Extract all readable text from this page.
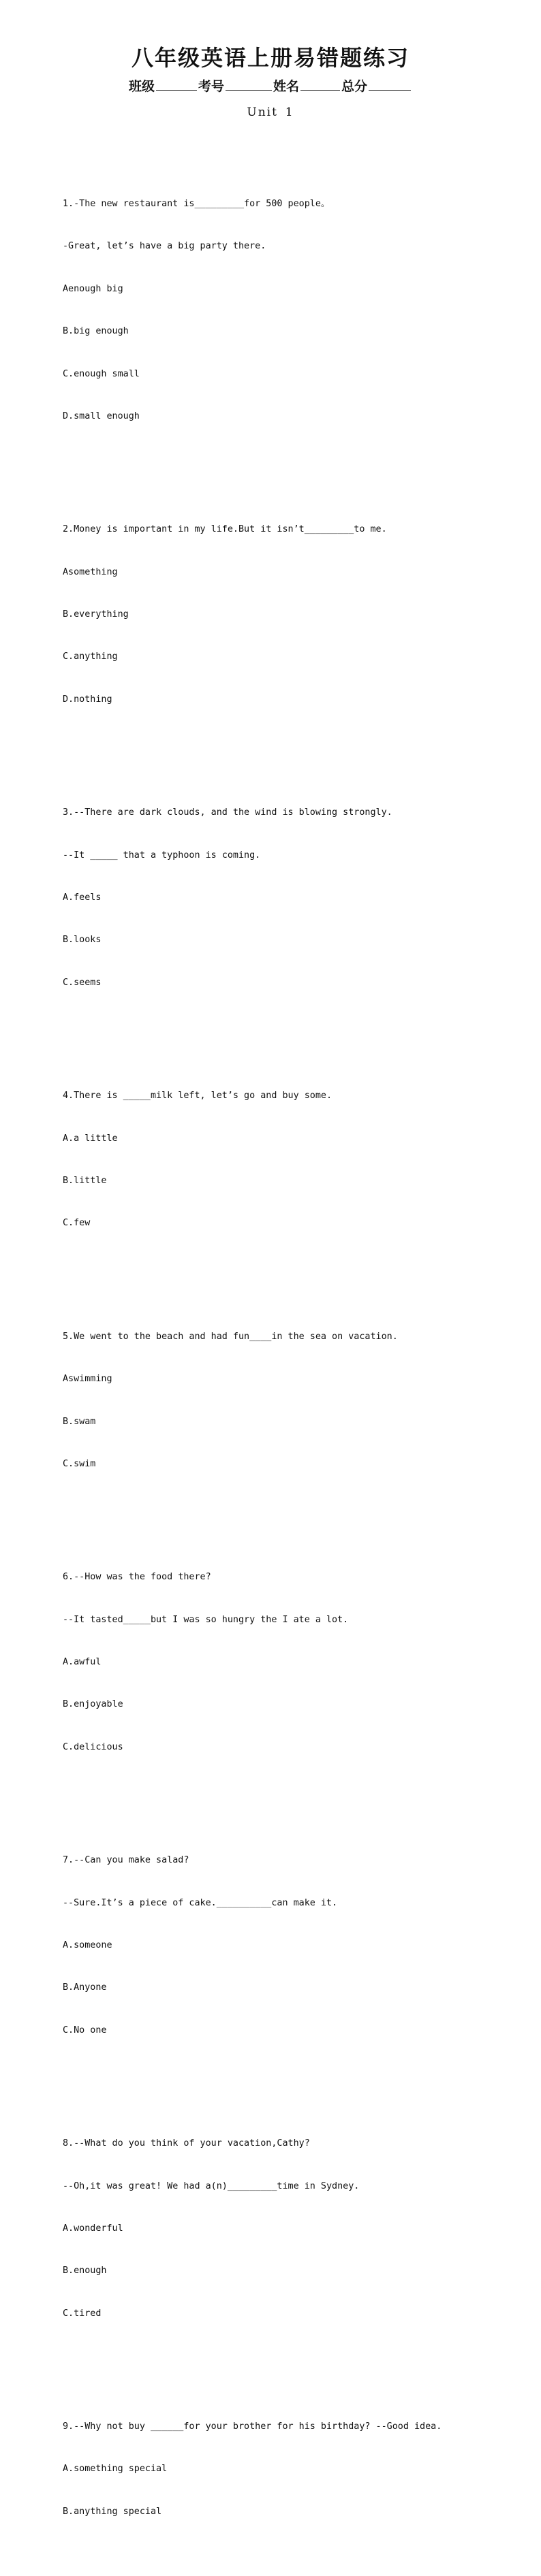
八年级英语上册易错题练习
班级	考号	姓名	总分
Unit 1

1.-The new restaurant is_________for 500 people。

-Great, let’s have a big party there.

Aenough big

B.big enough

C.enough small

D.small enough

2.Money is important in my life.But it isn’t_________to me.

Asomething

B.everything

C.anything

D.nothing

3.--There are dark clouds, and the wind is blowing strongly.

--It _____ that a typhoon is coming.

A.feels

B.looks

C.seems

4.There is _____milk left, let’s go and buy some.

A.a little

B.little

C.few

5.We went to the beach and had fun____in the sea on vacation.

Aswimming

B.swam

C.swim

6.--How was the food there?

--It tasted_____but I was so hungry the I ate a lot.

A.awful

B.enjoyable

C.delicious

7.--Can you make salad?

--Sure.It’s a piece of cake.__________can make it.

A.someone

B.Anyone

C.No one

8.--What do you think of your vacation,Cathy?

--Oh,it was great! We had a(n)_________time in Sydney.

A.wonderful

B.enough

C.tired

9.--Why not buy ______for your brother for his birthday? --Good idea.

A.something special

B.anything special
